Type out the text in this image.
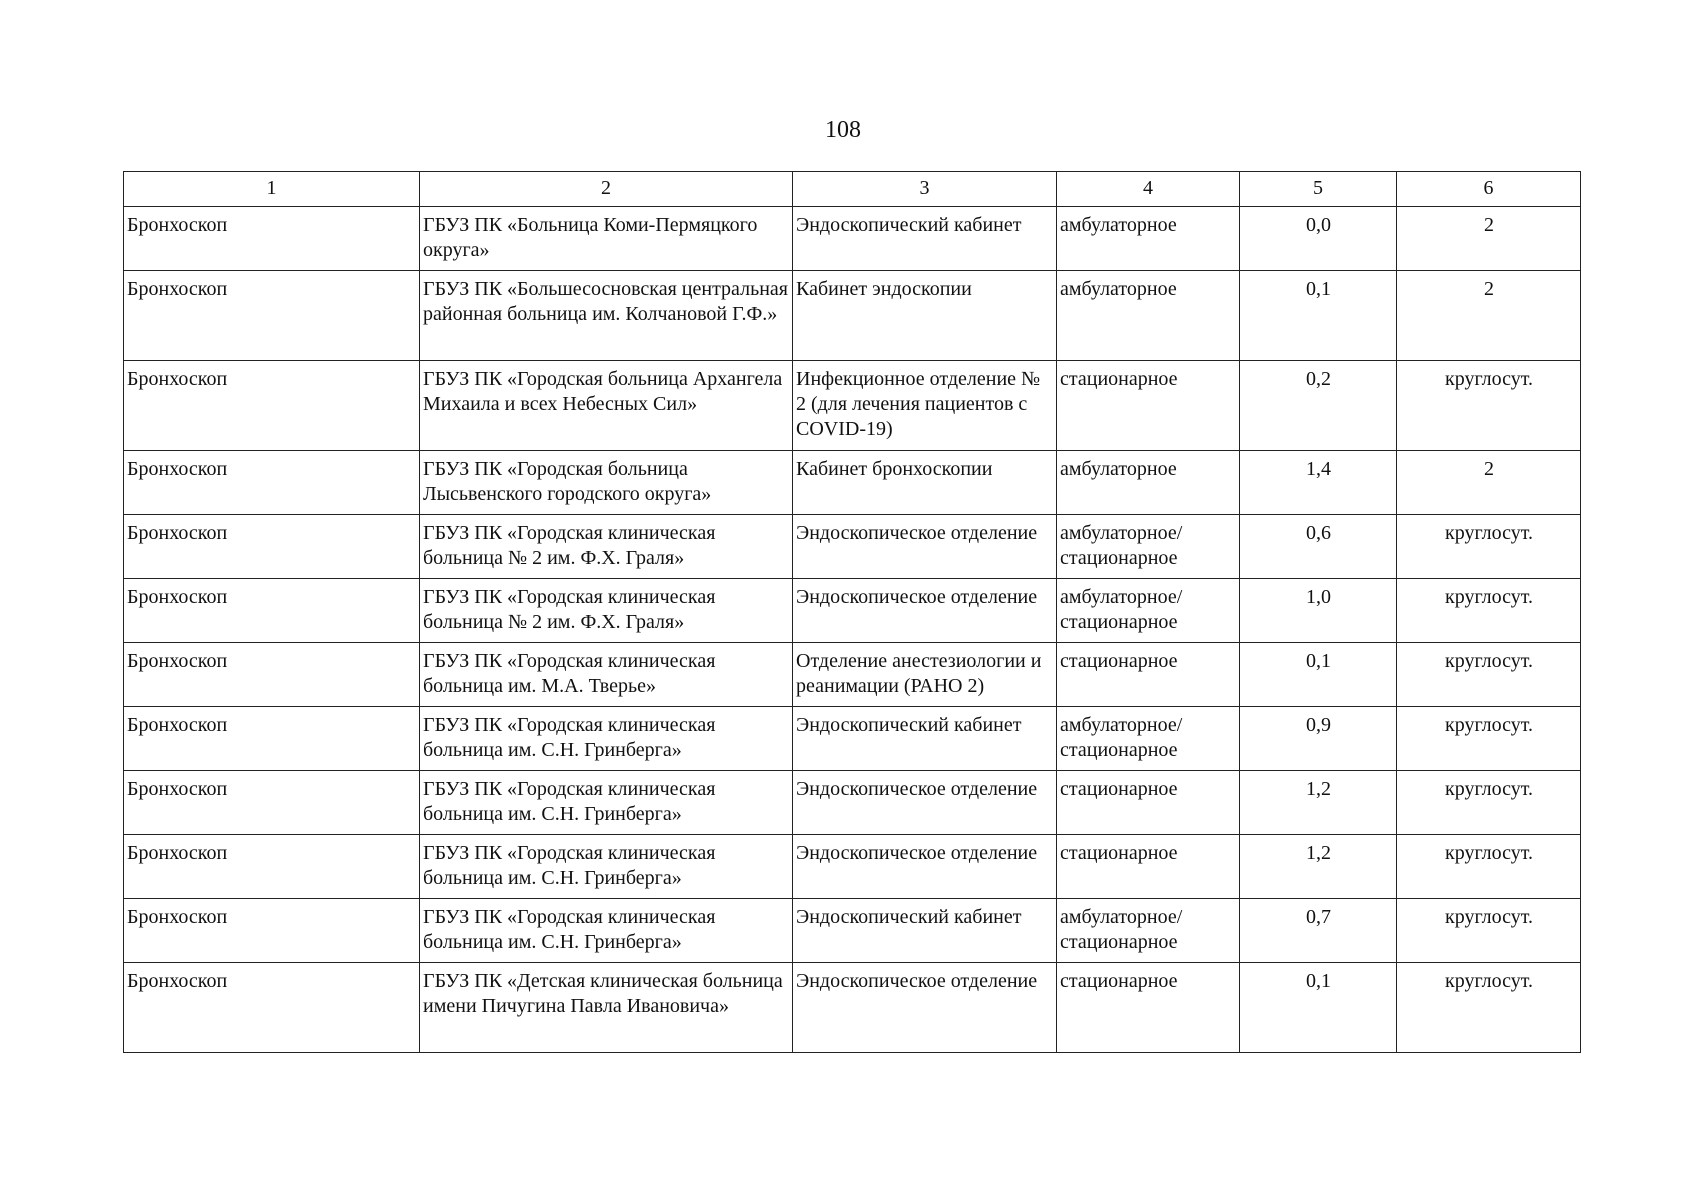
108
1	2	3	4	5	6
Бронхоскоп	ГБУЗ ПК «Больница Коми-Пермяцкого округа»	Эндоскопический кабинет	амбулаторное	0,0	2
Бронхоскоп	ГБУЗ ПК «Большесосновская центральная районная больница им. Колчановой Г.Ф.»	Кабинет эндоскопии	амбулаторное	0,1	2
Бронхоскоп	ГБУЗ ПК «Городская больница Архангела Михаила и всех Небесных Сил»	Инфекционное отделение № 2 (для лечения пациентов с COVID-19)	стационарное	0,2	круглосут.
Бронхоскоп	ГБУЗ ПК «Городская больница Лысьвенского городского округа»	Кабинет бронхоскопии	амбулаторное	1,4	2
Бронхоскоп	ГБУЗ ПК «Городская клиническая больница № 2 им. Ф.Х. Граля»	Эндоскопическое отделение	амбулаторное/ стационарное	0,6	круглосут.
Бронхоскоп	ГБУЗ ПК «Городская клиническая больница № 2 им. Ф.Х. Граля»	Эндоскопическое отделение	амбулаторное/ стационарное	1,0	круглосут.
Бронхоскоп	ГБУЗ ПК «Городская клиническая больница им. М.А. Тверье»	Отделение анестезиологии и реанимации (РАНО 2)	стационарное	0,1	круглосут.
Бронхоскоп	ГБУЗ ПК «Городская клиническая больница им. С.Н. Гринберга»	Эндоскопический кабинет	амбулаторное/ стационарное	0,9	круглосут.
Бронхоскоп	ГБУЗ ПК «Городская клиническая больница им. С.Н. Гринберга»	Эндоскопическое отделение	стационарное	1,2	круглосут.
Бронхоскоп	ГБУЗ ПК «Городская клиническая больница им. С.Н. Гринберга»	Эндоскопическое отделение	стационарное	1,2	круглосут.
Бронхоскоп	ГБУЗ ПК «Городская клиническая больница им. С.Н. Гринберга»	Эндоскопический кабинет	амбулаторное/ стационарное	0,7	круглосут.
Бронхоскоп	ГБУЗ ПК «Детская клиническая больница имени Пичугина Павла Ивановича»	Эндоскопическое отделение	стационарное	0,1	круглосут.
